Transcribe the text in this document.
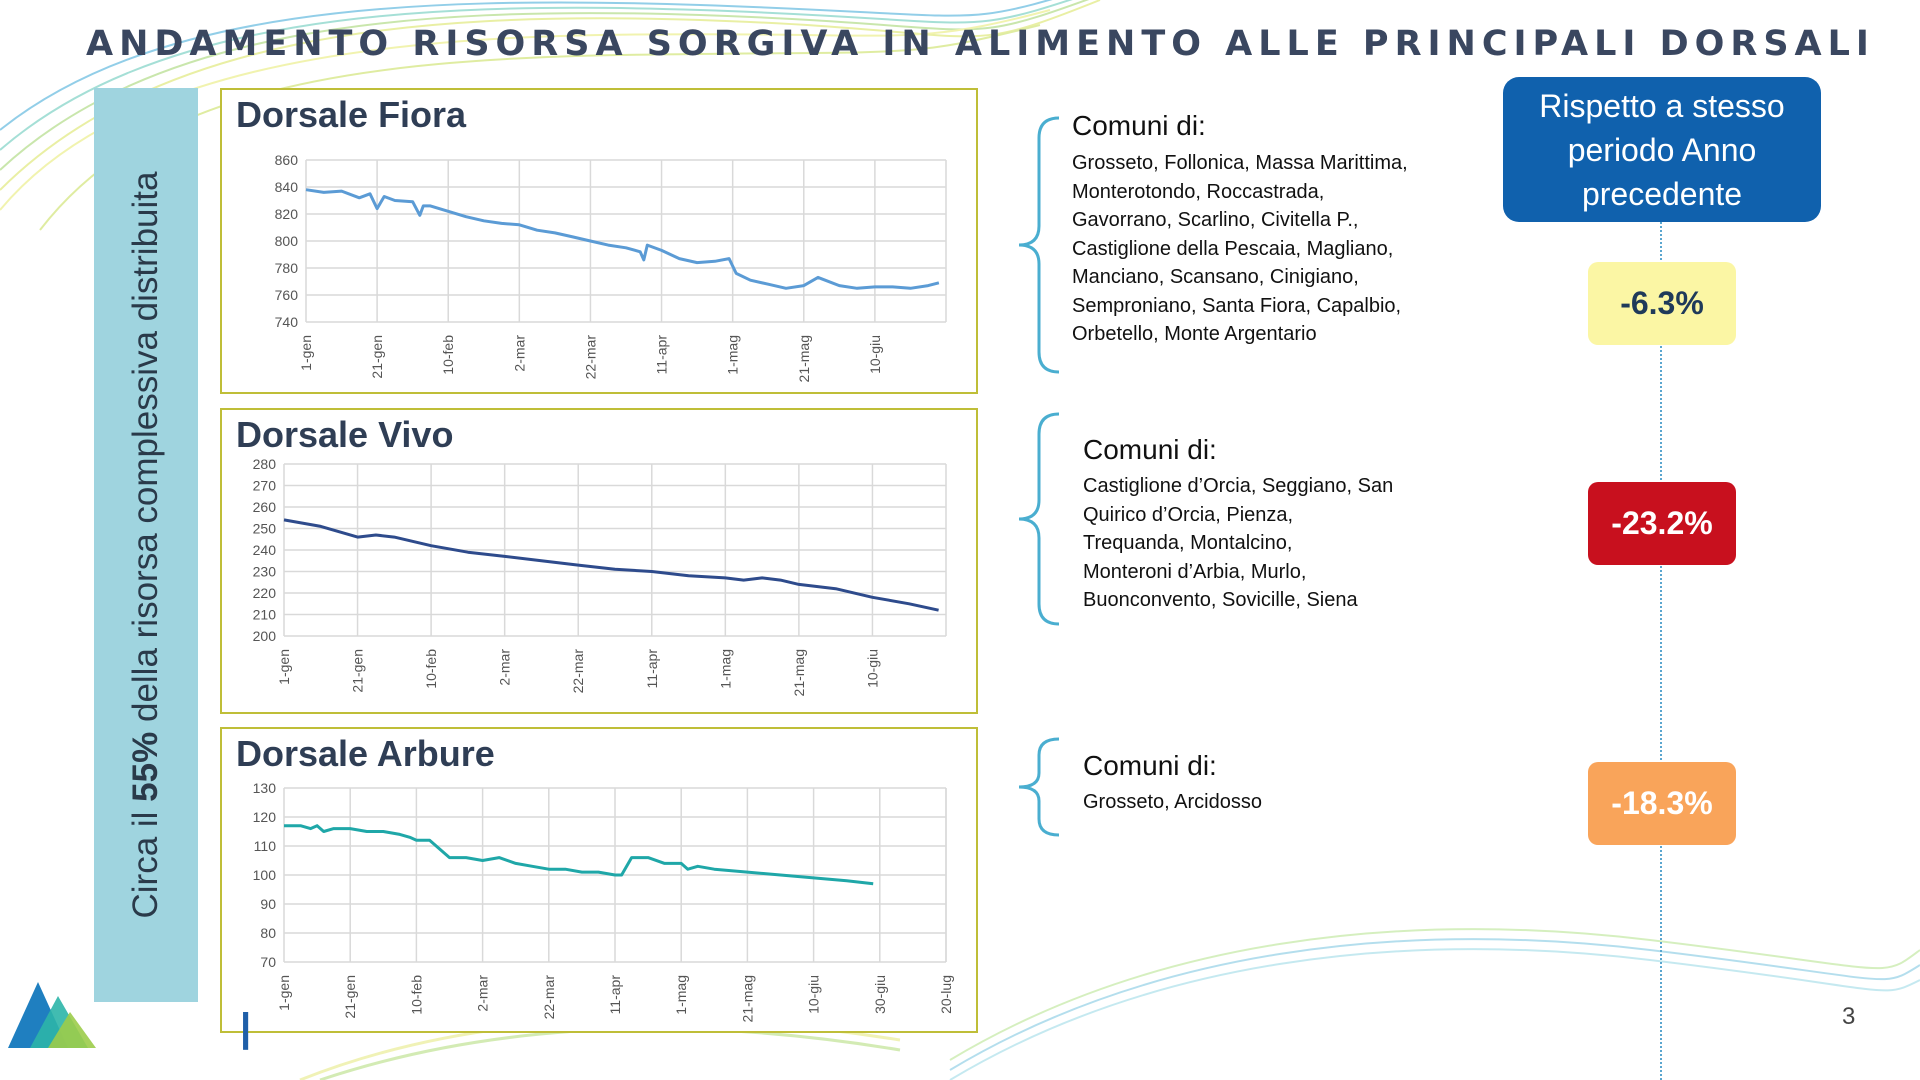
ANDAMENTO RISORSA SORGIVA IN ALIMENTO ALLE PRINCIPALI DORSALI
Circa il 55% della risorsa complessiva distribuita
Dorsale Fiora
860
840
820
800
780
760
740
1-gen	21-gen	10-feb	2-mar	22-mar	11-apr	1-mag	21-mag	10-giu
Dorsale Vivo
280
270
260
250
240
230
220
210
200
1-gen	21-gen	10-feb	2-mar	22-mar	11-apr	1-mag	21-mag	10-giu
Dorsale Arbure
130
120
110
100
90
80
70
1-gen	21-gen	10-feb	2-mar	22-mar	11-apr	1-mag	21-mag	10-giu	30-giu	20-lug
Comuni di:
Grosseto, Follonica, Massa Marittima,
Monterotondo, Roccastrada,
Gavorrano, Scarlino, Civitella P.,
Castiglione della Pescaia, Magliano,
Manciano, Scansano, Cinigiano,
Semproniano, Santa Fiora, Capalbio,
Orbetello, Monte Argentario
Comuni di:
Castiglione d’Orcia, Seggiano, San
Quirico d’Orcia, Pienza,
Trequanda, Montalcino,
Monteroni d’Arbia, Murlo,
Buonconvento, Sovicille, Siena
Comuni di:
Grosseto, Arcidosso
Rispetto a stesso
periodo Anno
precedente
-6.3%
-23.2%
-18.3%
|	3
